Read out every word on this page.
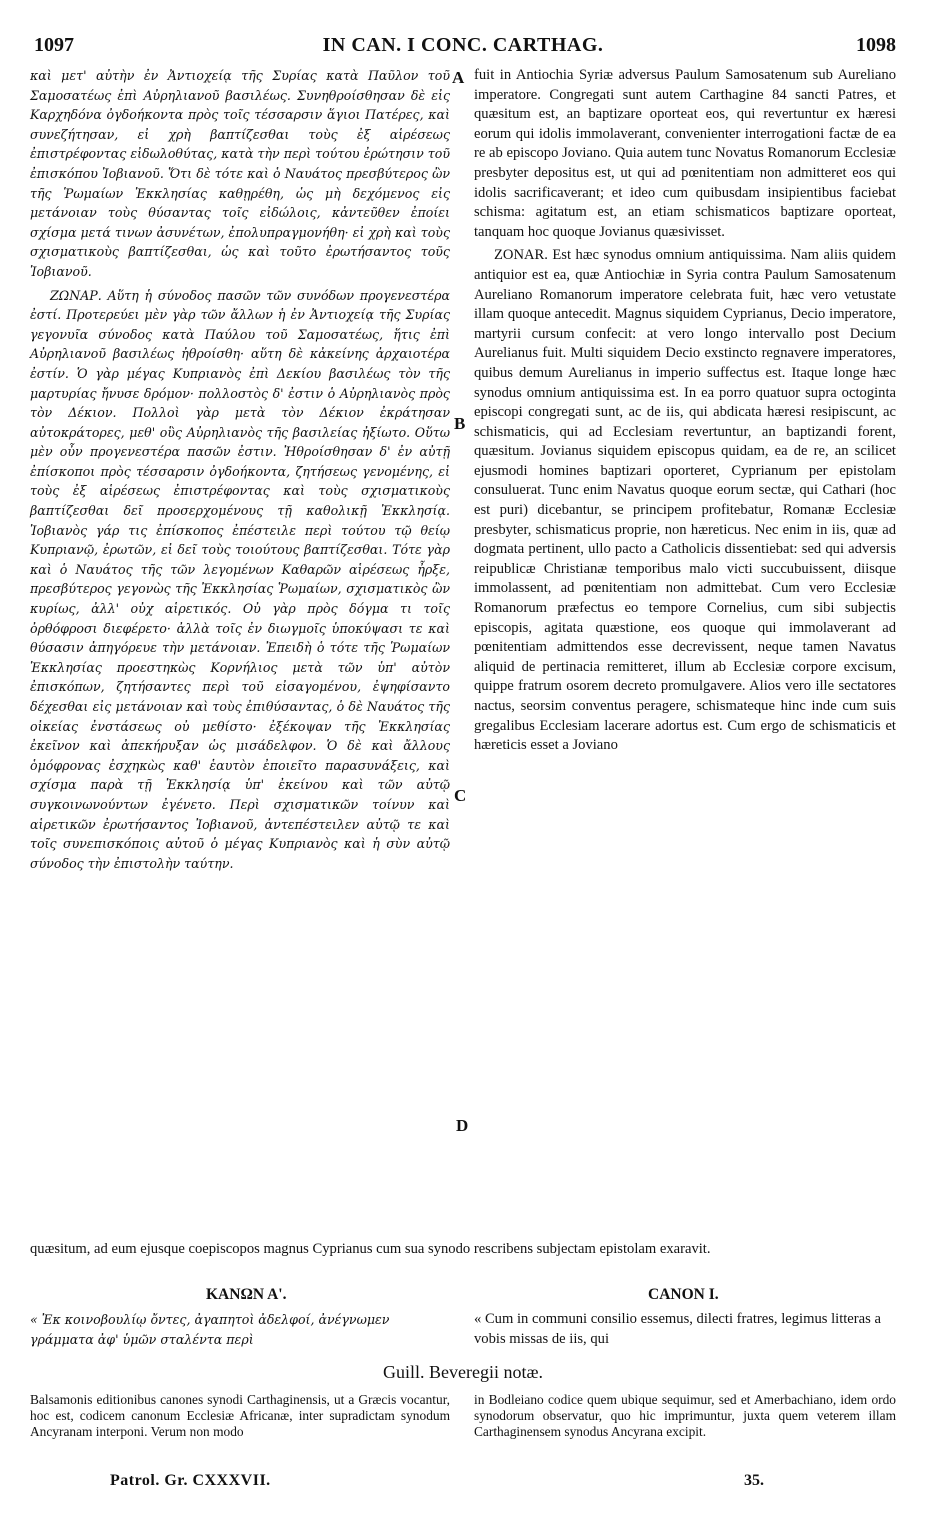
1097	IN CAN. I CONC. CARTHAG.	1098

καὶ μετ' αὐτὴν ἐν Ἀντιοχείᾳ τῆς Συρίας κατὰ Παῦλον τοῦ Σαμοσατέως ἐπὶ Αὐρηλιανοῦ βασιλέως. Συνηθροίσθησαν δὲ εἰς Καρχηδόνα ὀγδοήκοντα πρὸς τοῖς τέσσαρσιν ἅγιοι Πατέρες, καὶ συνεζήτησαν, εἰ χρὴ βαπτίζεσθαι τοὺς ἐξ αἱρέσεως ἐπιστρέφοντας εἰδωλοθύτας, κατὰ τὴν περὶ τούτου ἐρώτησιν τοῦ ἐπισκόπου Ἰοβιανοῦ. Ὅτι δὲ τότε καὶ ὁ Ναυάτος πρεσβύτερος ὢν τῆς Ῥωμαίων Ἐκκλησίας καθῃρέθη, ὡς μὴ δεχόμενος εἰς μετάνοιαν τοὺς θύσαντας τοῖς εἰδώλοις, κἀντεῦθεν ἐποίει σχίσμα μετά τινων ἀσυνέτων, ἐπολυπραγμονήθη· εἰ χρὴ καὶ τοὺς σχισματικοὺς βαπτίζεσθαι, ὡς καὶ τοῦτο ἐρωτήσαντος τοῦς Ἰοβιανοῦ.

ΖΩΝΑΡ. Αὕτη ἡ σύνοδος πασῶν τῶν συνόδων προγενεστέρα ἐστί. Προτερεύει μὲν γὰρ τῶν ἄλλων ἡ ἐν Ἀντιοχείᾳ τῆς Συρίας γεγονυῖα σύνοδος κατὰ Παύλου τοῦ Σαμοσατέως, ἥτις ἐπὶ Αὐρηλιανοῦ βασιλέως ἠθροίσθη· αὕτη δὲ κἀκείνης ἀρχαιοτέρα ἐστίν. Ὁ γὰρ μέγας Κυπριανὸς ἐπὶ Δεκίου βασιλέως τὸν τῆς μαρτυρίας ἤνυσε δρόμον· πολλοστὸς δ' ἐστιν ὁ Αὐρηλιανὸς πρὸς τὸν Δέκιον. Πολλοὶ γὰρ μετὰ τὸν Δέκιον ἐκράτησαν αὐτοκράτορες, μεθ' οὓς Αὐρηλιανὸς τῆς βασιλείας ἠξίωτο. Οὕτω μὲν οὖν προγενεστέρα πασῶν ἐστιν. Ἠθροίσθησαν δ' ἐν αὐτῇ ἐπίσκοποι πρὸς τέσσαρσιν ὀγδοήκοντα, ζητήσεως γενομένης, εἰ τοὺς ἐξ αἱρέσεως ἐπιστρέφοντας καὶ τοὺς σχισματικοὺς βαπτίζεσθαι δεῖ προσερχομένους τῇ καθολικῇ Ἐκκλησίᾳ. Ἰοβιανὸς γάρ τις ἐπίσκοπος ἐπέστειλε περὶ τούτου τῷ θείῳ Κυπριανῷ, ἐρωτῶν, εἰ δεῖ τοὺς τοιούτους βαπτίζεσθαι. Τότε γὰρ καὶ ὁ Ναυάτος τῆς τῶν λεγομένων Καθαρῶν αἱρέσεως ἦρξε, πρεσβύτερος γεγονὼς τῆς Ἐκκλησίας Ῥωμαίων, σχισματικὸς ὢν κυρίως, ἀλλ' οὐχ αἱρετικός. Οὐ γὰρ πρὸς δόγμα τι τοῖς ὀρθόφροσι διεφέρετο· ἀλλὰ τοῖς ἐν διωγμοῖς ὑποκύψασι τε καὶ θύσασιν ἀπηγόρευε τὴν μετάνοιαν. Ἐπειδὴ ὁ τότε τῆς Ῥωμαίων Ἐκκλησίας προεστηκὼς Κορνήλιος μετὰ τῶν ὑπ' αὐτὸν ἐπισκόπων, ζητήσαντες περὶ τοῦ εἰσαγομένου, ἐψηφίσαντο δέχεσθαι εἰς μετάνοιαν καὶ τοὺς ἐπιθύσαντας, ὁ δὲ Ναυάτος τῆς οἰκείας ἐνστάσεως οὐ μεθίστο· ἐξέκοψαν τῆς Ἐκκλησίας ἐκεῖνον καὶ ἀπεκήρυξαν ὡς μισάδελφον. Ὁ δὲ καὶ ἄλλους ὁμόφρονας ἐσχηκὼς καθ' ἑαυτὸν ἐποιεῖτο παρασυνάξεις, καὶ σχίσμα παρὰ τῇ Ἐκκλησίᾳ ὑπ' ἐκείνου καὶ τῶν αὐτῷ συγκοινωνούντων ἐγένετο. Περὶ σχισματικῶν τοίνυν καὶ αἱρετικῶν ἐρωτήσαντος Ἰοβιανοῦ, ἀντεπέστειλεν αὐτῷ τε καὶ τοῖς συνεπισκόποις αὐτοῦ ὁ μέγας Κυπριανὸς καὶ ἡ σὺν αὐτῷ σύνοδος τὴν ἐπιστολὴν ταύτην.

fuit in Antiochia Syriæ adversus Paulum Samosatenum sub Aureliano imperatore. Congregati sunt autem Carthagine 84 sancti Patres, et quæsitum est, an baptizare oporteat eos, qui revertuntur ex hæresi eorum qui idolis immolaverant, convenienter interrogationi factæ de ea re ab episcopo Joviano. Quia autem tunc Novatus Romanorum Ecclesiæ presbyter depositus est, ut qui ad pœnitentiam non admitteret eos qui idolis sacrificaverant; et ideo cum quibusdam insipientibus faciebat schisma: agitatum est, an etiam schismaticos baptizare oporteat, tanquam hoc quoque Jovianus quæsivisset.

ZONAR. Est hæc synodus omnium antiquissima. Nam aliis quidem antiquior est ea, quæ Antiochiæ in Syria contra Paulum Samosatenum Aureliano Romanorum imperatore celebrata fuit, hæc vero vetustate illam quoque antecedit. Magnus siquidem Cyprianus, Decio imperatore, martyrii cursum confecit: at vero longo intervallo post Decium Aurelianus fuit. Multi siquidem Decio exstincto regnavere imperatores, quibus demum Aurelianus in imperio suffectus est. Itaque longe hæc synodus omnium antiquissima est. In ea porro quatuor supra octoginta episcopi congregati sunt, ac de iis, qui abdicata hæresi resipiscunt, ac schismaticis, qui ad Ecclesiam revertuntur, an baptizandi forent, quæsitum. Jovianus siquidem episcopus quidam, ea de re, an scilicet ejusmodi homines baptizari oporteret, Cyprianum per epistolam consuluerat. Tunc enim Navatus quoque eorum sectæ, qui Cathari (hoc est puri) dicebantur, se principem profitebatur, Romanæ Ecclesiæ presbyter, schismaticus proprie, non hæreticus. Nec enim in iis, quæ ad dogmata pertinent, ullo pacto a Catholicis dissentiebat: sed qui adversis reipublicæ Christianæ temporibus malo victi succubuissent, diisque immolassent, ad pœnitentiam non admittebat. Cum vero Ecclesiæ Romanorum præfectus eo tempore Cornelius, cum sibi subjectis episcopis, agitata quæstione, eos quoque qui immolaverant ad pœnitentiam admittendos esse decrevissent, neque tamen Navatus aliquid de pertinacia remitteret, illum ab Ecclesiæ corpore excisum, quippe fratrum osorem decreto promulgavere. Alios vero ille sectatores nactus, seorsim conventus peragere, schismateque hinc inde cum suis gregalibus Ecclesiam lacerare adortus est. Cum ergo de schismaticis et hæreticis esset a Joviano

A
B
C
D
quæsitum, ad eum ejusque coepiscopos magnus Cyprianus cum sua synodo rescribens subjectam epistolam exaravit.
ΚΑΝΩΝ Α'.	CANON I.
« Ἐκ κοινοβουλίῳ ὄντες, ἀγαπητοὶ ἀδελφοί, ἀνέγνωμεν γράμματα ἀφ' ὑμῶν σταλέντα περὶ
« Cum in communi consilio essemus, dilecti fratres, legimus litteras a vobis missas de iis, qui
Guill. Beveregii notæ.
Balsamonis editionibus canones synodi Carthaginensis, ut a Græcis vocantur, hoc est, codicem canonum Ecclesiæ Africanæ, inter supradictam synodum Ancyranam interponi. Verum non modo
in Bodleiano codice quem ubique sequimur, sed et Amerbachiano, idem ordo synodorum observatur, quo hic imprimuntur, juxta quem veterem illam Carthaginensem synodus Ancyrana excipit.
Patrol. Gr. CXXXVII.	35.
